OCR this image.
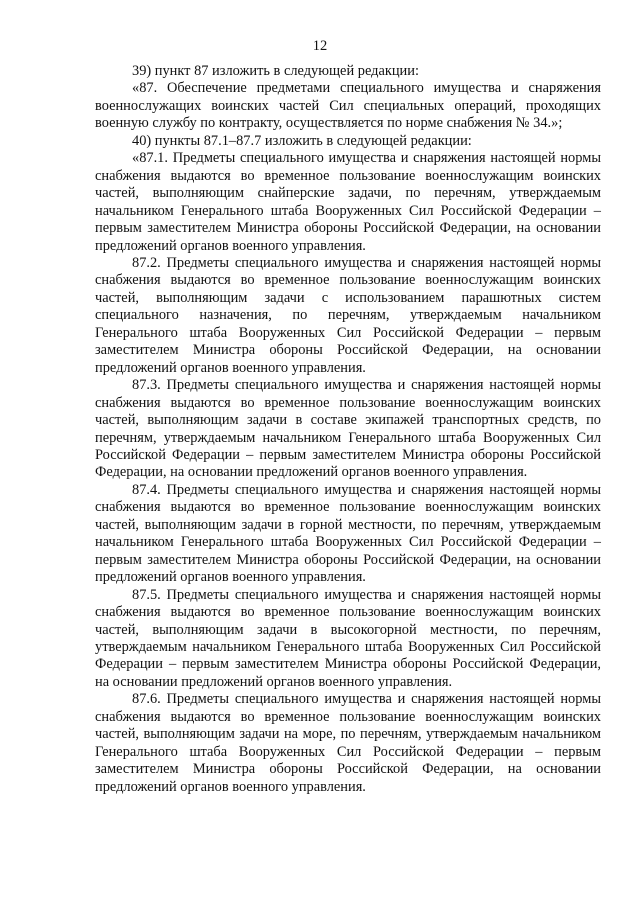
12

39) пункт 87 изложить в следующей редакции:

«87. Обеспечение предметами специального имущества и снаряжения военнослужащих воинских частей Сил специальных операций, проходящих военную службу по контракту, осуществляется по норме снабжения № 34.»;

40) пункты 87.1–87.7 изложить в следующей редакции:

«87.1. Предметы специального имущества и снаряжения настоящей нормы снабжения выдаются во временное пользование военнослужащим воинских частей, выполняющим снайперские задачи, по перечням, утверждаемым начальником Генерального штаба Вооруженных Сил Российской Федерации – первым заместителем Министра обороны Российской Федерации, на основании предложений органов военного управления.

87.2. Предметы специального имущества и снаряжения настоящей нормы снабжения выдаются во временное пользование военнослужащим воинских частей, выполняющим задачи с использованием парашютных систем специального назначения, по перечням, утверждаемым начальником Генерального штаба Вооруженных Сил Российской Федерации – первым заместителем Министра обороны Российской Федерации, на основании предложений органов военного управления.

87.3. Предметы специального имущества и снаряжения настоящей нормы снабжения выдаются во временное пользование военнослужащим воинских частей, выполняющим задачи в составе экипажей транспортных средств, по перечням, утверждаемым начальником Генерального штаба Вооруженных Сил Российской Федерации – первым заместителем Министра обороны Российской Федерации, на основании предложений органов военного управления.

87.4. Предметы специального имущества и снаряжения настоящей нормы снабжения выдаются во временное пользование военнослужащим воинских частей, выполняющим задачи в горной местности, по перечням, утверждаемым начальником Генерального штаба Вооруженных Сил Российской Федерации – первым заместителем Министра обороны Российской Федерации, на основании предложений органов военного управления.

87.5. Предметы специального имущества и снаряжения настоящей нормы снабжения выдаются во временное пользование военнослужащим воинских частей, выполняющим задачи в высокогорной местности, по перечням, утверждаемым начальником Генерального штаба Вооруженных Сил Российской Федерации – первым заместителем Министра обороны Российской Федерации, на основании предложений органов военного управления.

87.6. Предметы специального имущества и снаряжения настоящей нормы снабжения выдаются во временное пользование военнослужащим воинских частей, выполняющим задачи на море, по перечням, утверждаемым начальником Генерального штаба Вооруженных Сил Российской Федерации – первым заместителем Министра обороны Российской Федерации, на основании предложений органов военного управления.
